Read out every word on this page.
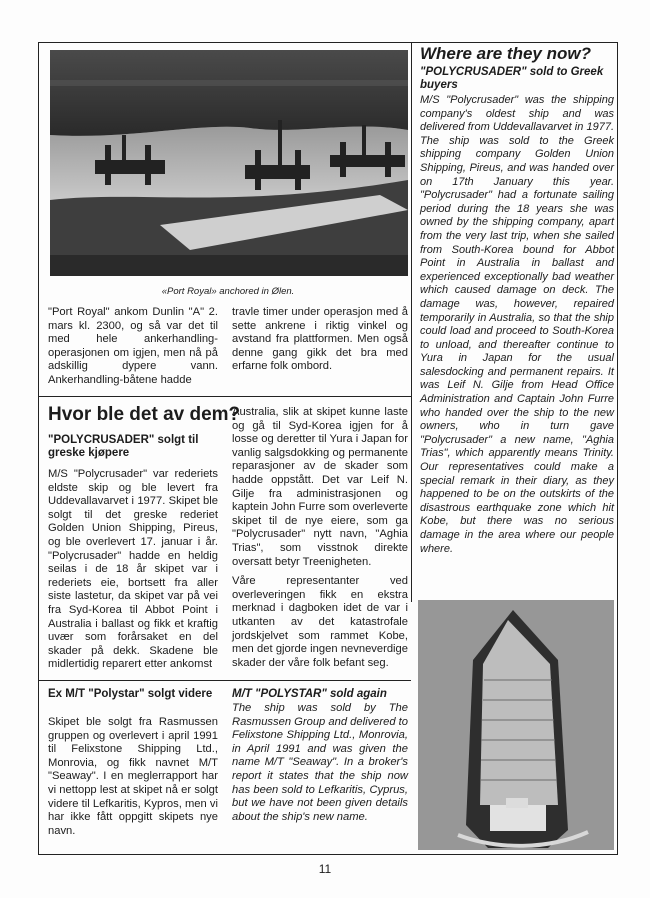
«Port Royal» anchored in Ølen.

"Port Royal" ankom Dunlin "A" 2. mars kl. 2300, og så var det til med hele ankerhandling-operasjonen om igjen, men nå på adskillig dypere vann. Ankerhandling-båtene hadde

travle timer under operasjon med å sette ankrene i riktig vinkel og avstand fra plattformen. Men også denne gang gikk det bra med erfarne folk ombord.

Hvor ble det av dem?
"POLYCRUSADER" solgt til greske kjøpere

M/S "Polycrusader" var rederiets eldste skip og ble levert fra Uddevallavarvet i 1977. Skipet ble solgt til det greske rederiet Golden Union Shipping, Pireus, og ble overlevert 17. januar i år. "Polycrusader" hadde en heldig seilas i de 18 år skipet var i rederiets eie, bortsett fra aller siste lastetur, da skipet var på vei fra Syd-Korea til Abbot Point i Australia i ballast og fikk et kraftig uvær som forårsaket en del skader på dekk. Skadene ble midlertidig reparert etter ankomst

Australia, slik at skipet kunne laste og gå til Syd-Korea igjen for å losse og deretter til Yura i Japan for vanlig salgsdokking og permanente reparasjoner av de skader som hadde oppstått. Det var Leif N. Gilje fra administrasjonen og kaptein John Furre som overleverte skipet til de nye eiere, som ga "Polycrusader" nytt navn, "Aghia Trias", som visstnok direkte oversatt betyr Treenigheten.

Våre representanter ved overleveringen fikk en ekstra merknad i dagboken idet de var i utkanten av det katastrofale jordskjelvet som rammet Kobe, men det gjorde ingen nevneverdige skader der våre folk befant seg.

Ex M/T "Polystar" solgt videre

Skipet ble solgt fra Rasmussen gruppen og overlevert i april 1991 til Felixstone Shipping Ltd., Monrovia, og fikk navnet M/T "Seaway". I en meglerrapport har vi nettopp lest at skipet nå er solgt videre til Lefkaritis, Kypros, men vi har ikke fått oppgitt skipets nye navn.

M/T "POLYSTAR" sold again

The ship was sold by The Rasmussen Group and delivered to Felixstone Shipping Ltd., Monrovia, in April 1991 and was given the name M/T "Seaway". In a broker's report it states that the ship now has been sold to Lefkaritis, Cyprus, but we have not been given details about the ship's new name.

Where are they now?
"POLYCRUSADER" sold to Greek buyers
M/S "Polycrusader" was the shipping company's oldest ship and was delivered from Uddevallavarvet in 1977. The ship was sold to the Greek shipping company Golden Union Shipping, Pireus, and was handed over on 17th January this year. "Polycrusader" had a fortunate sailing period during the 18 years she was owned by the shipping company, apart from the very last trip, when she sailed from South-Korea bound for Abbot Point in Australia in ballast and experienced exceptionally bad weather which caused damage on deck. The damage was, however, repaired temporarily in Australia, so that the ship could load and proceed to South-Korea to unload, and thereafter continue to Yura in Japan for the usual salesdocking and permanent repairs. It was Leif N. Gilje from Head Office Administration and Captain John Furre who handed over the ship to the new owners, who in turn gave "Polycrusader" a new name, "Aghia Trias", which apparently means Trinity. Our representatives could make a special remark in their diary, as they happened to be on the outskirts of the disastrous earthquake zone which hit Kobe, but there was no serious damage in the area where our people where.
11
